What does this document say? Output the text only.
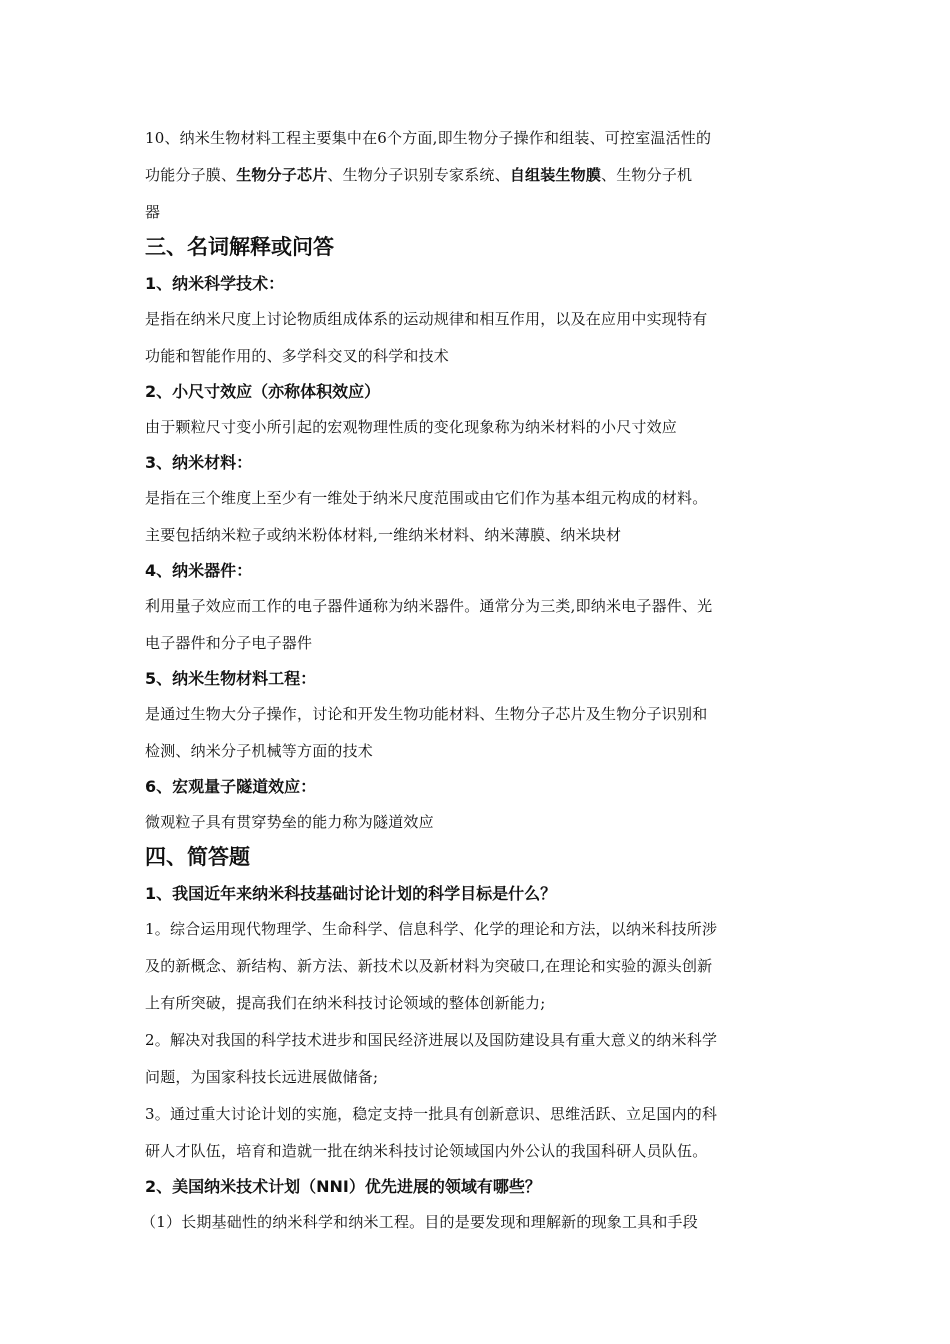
10、纳米生物材料工程主要集中在6个方面,即生物分子操作和组装、可控室温活性的
功能分子膜、生物分子芯片、生物分子识别专家系统、自组装生物膜、生物分子机
器
三、名词解释或问答
1、纳米科学技术：
是指在纳米尺度上讨论物质组成体系的运动规律和相互作用，以及在应用中实现特有
功能和智能作用的、多学科交叉的科学和技术
2、小尺寸效应（亦称体积效应）
由于颗粒尺寸变小所引起的宏观物理性质的变化现象称为纳米材料的小尺寸效应
3、纳米材料：
是指在三个维度上至少有一维处于纳米尺度范围或由它们作为基本组元构成的材料。
主要包括纳米粒子或纳米粉体材料,一维纳米材料、纳米薄膜、纳米块材
4、纳米器件：
利用量子效应而工作的电子器件通称为纳米器件。通常分为三类,即纳米电子器件、光
电子器件和分子电子器件
5、纳米生物材料工程：
是通过生物大分子操作，讨论和开发生物功能材料、生物分子芯片及生物分子识别和
检测、纳米分子机械等方面的技术
6、宏观量子隧道效应：
微观粒子具有贯穿势垒的能力称为隧道效应
四、简答题
1、我国近年来纳米科技基础讨论计划的科学目标是什么？
1。综合运用现代物理学、生命科学、信息科学、化学的理论和方法，以纳米科技所涉
及的新概念、新结构、新方法、新技术以及新材料为突破口,在理论和实验的源头创新
上有所突破，提高我们在纳米科技讨论领域的整体创新能力;
2。解决对我国的科学技术进步和国民经济进展以及国防建设具有重大意义的纳米科学
问题，为国家科技长远进展做储备;
3。通过重大讨论计划的实施，稳定支持一批具有创新意识、思维活跃、立足国内的科
研人才队伍，培育和造就一批在纳米科技讨论领域国内外公认的我国科研人员队伍。
2、美国纳米技术计划（NNI）优先进展的领域有哪些？
（1）长期基础性的纳米科学和纳米工程。目的是要发现和理解新的现象工具和手段
